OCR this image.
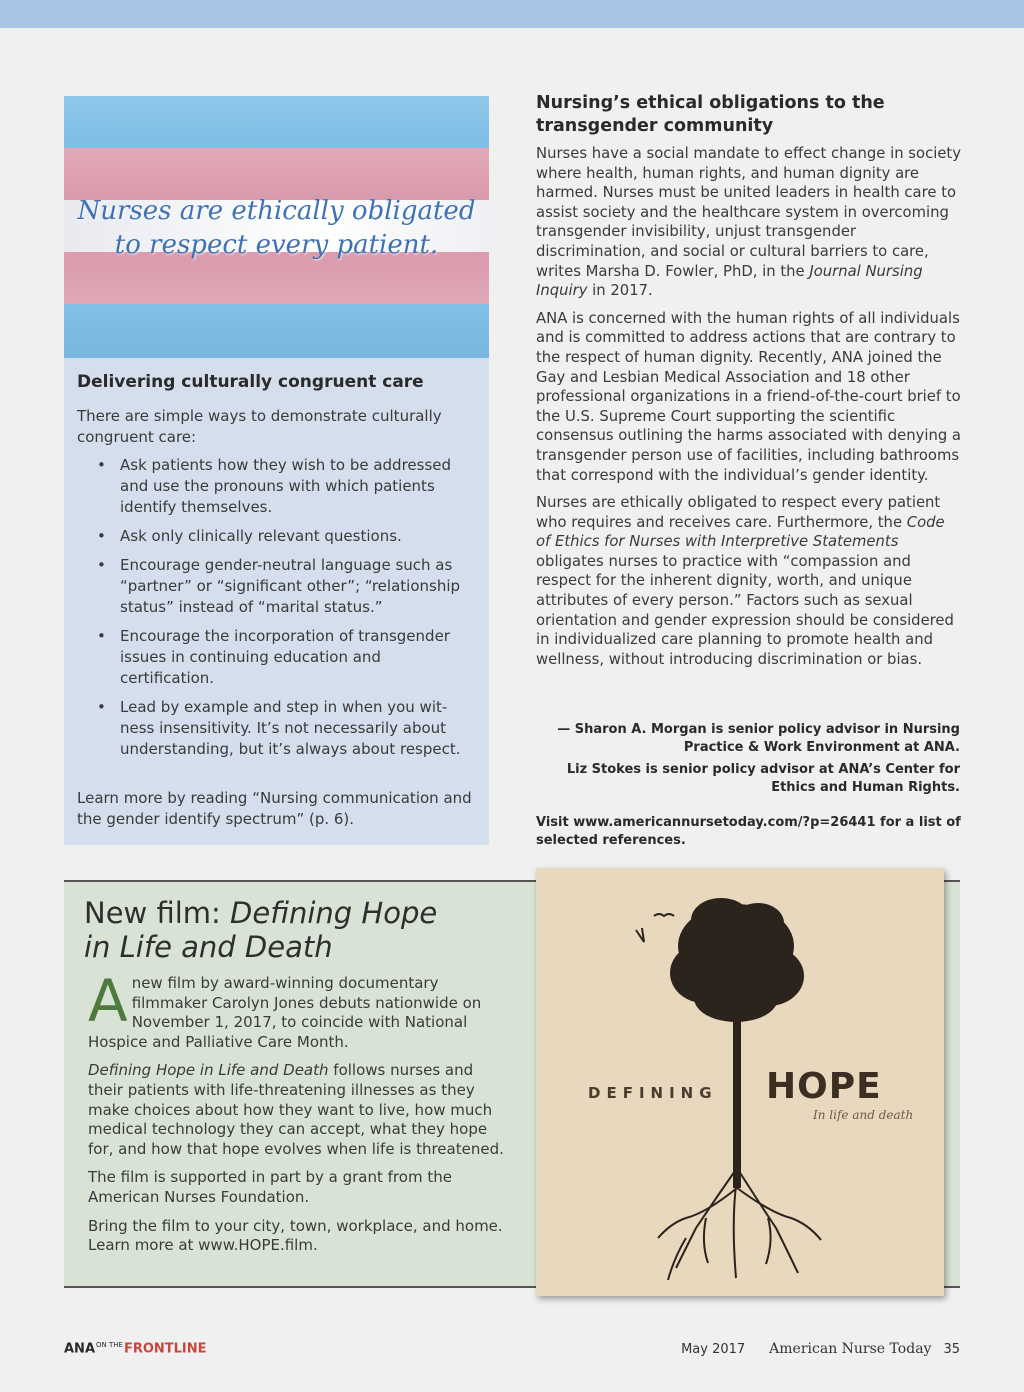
Nurses are ethically obligated
to respect every patient.
Delivering culturally congruent care

There are simple ways to demonstrate culturally congruent care:

• Ask patients how they wish to be addressed and use the pronouns with which patients identify themselves.
• Ask only clinically relevant questions.
• Encourage gender-neutral language such as “partner” or “significant other”; “relationship status” instead of “marital status.”
• Encourage the incorporation of transgender issues in continuing education and certification.
• Lead by example and step in when you wit- ness insensitivity. It’s not necessarily about understanding, but it’s always about respect.

Learn more by reading “Nursing communication and the gender identify spectrum” (p. 6).

Nursing’s ethical obligations to the transgender community

Nurses have a social mandate to effect change in society where health, human rights, and human dignity are harmed. Nurses must be united leaders in health care to assist society and the healthcare system in overcoming transgender invisibility, unjust transgender discrimination, and social or cultural barriers to care, writes Marsha D. Fowler, PhD, in the Journal Nursing Inquiry in 2017.

ANA is concerned with the human rights of all individuals and is committed to address actions that are contrary to the respect of human dignity. Recently, ANA joined the Gay and Lesbian Medical Association and 18 other professional organizations in a friend-of-the-court brief to the U.S. Supreme Court supporting the scientific consensus outlining the harms associated with denying a transgender person use of facilities, including bathrooms that correspond with the individual’s gender identity.

Nurses are ethically obligated to respect every patient who requires and receives care. Furthermore, the Code of Ethics for Nurses with Interpretive Statements obligates nurses to practice with “compassion and respect for the inherent dignity, worth, and unique attributes of every person.” Factors such as sexual orientation and gender expression should be considered in individualized care planning to promote health and wellness, without introducing discrimination or bias.

— Sharon A. Morgan is senior policy advisor in Nursing Practice & Work Environment at ANA.

Liz Stokes is senior policy advisor at ANA’s Center for Ethics and Human Rights.

Visit www.americannursetoday.com/?p=26441 for a list of selected references.
New film: Defining Hope
in Life and Death

Anew film by award-winning documentary filmmaker Carolyn Jones debuts nationwide on November 1, 2017, to coincide with National Hospice and Palliative Care Month.

Defining Hope in Life and Death follows nurses and their patients with life-threatening illnesses as they make choices about how they want to live, how much medical technology they can accept, what they hope for, and how that hope evolves when life is threatened.

The film is supported in part by a grant from the American Nurses Foundation.

Bring the film to your city, town, workplace, and home. Learn more at www.HOPE.film.

DEFINING HOPE
In life and death
$ANA^{ON THE}FRONTLINE$	May 2017 American Nurse Today 35
